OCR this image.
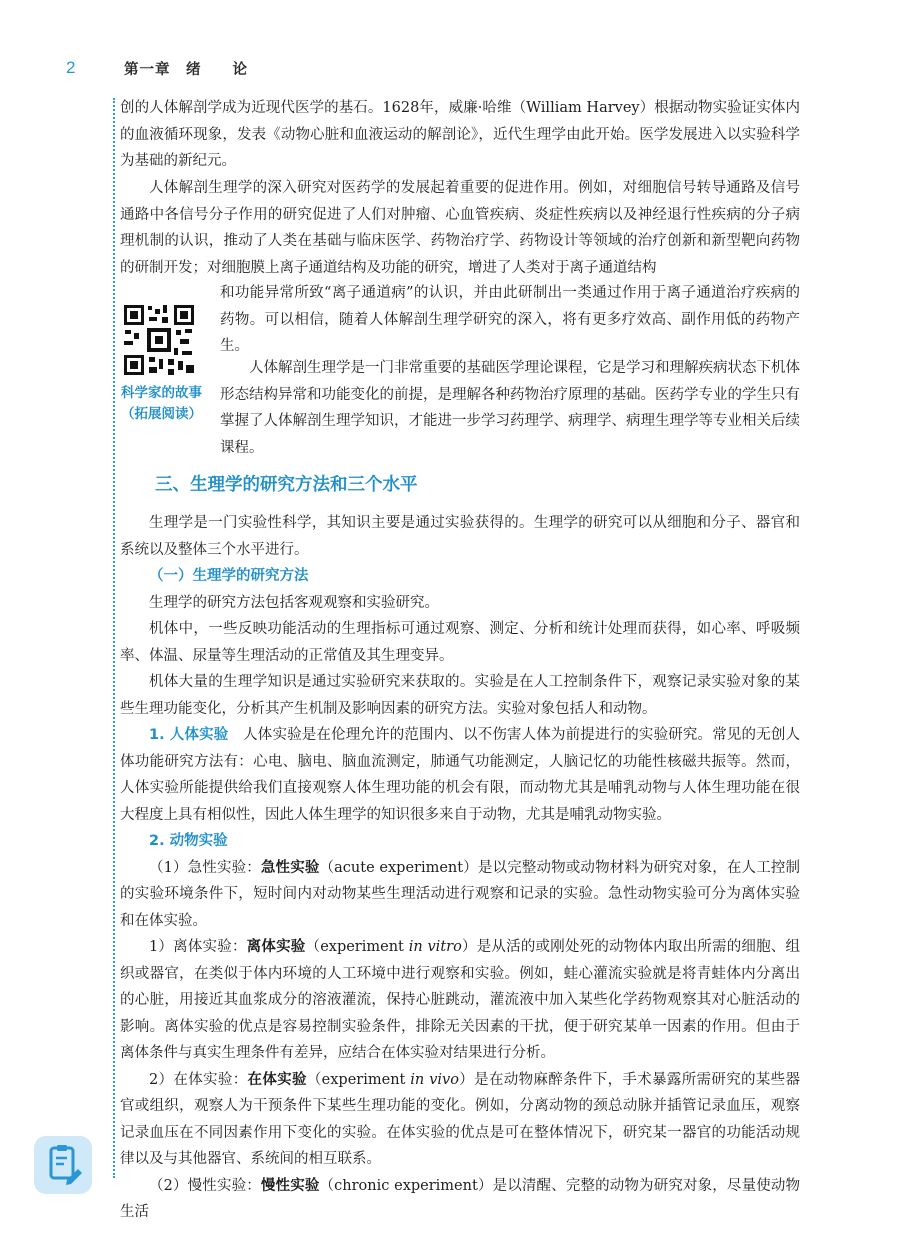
2	第一章　绪　　论

创的人体解剖学成为近现代医学的基石。1628年，威廉·哈维（William Harvey）根据动物实验证实体内的血液循环现象，发表《动物心脏和血液运动的解剖论》，近代生理学由此开始。医学发展进入以实验科学为基础的新纪元。

人体解剖生理学的深入研究对医药学的发展起着重要的促进作用。例如，对细胞信号转导通路及信号通路中各信号分子作用的研究促进了人们对肿瘤、心血管疾病、炎症性疾病以及神经退行性疾病的分子病理机制的认识，推动了人类在基础与临床医学、药物治疗学、药物设计等领域的治疗创新和新型靶向药物的研制开发；对细胞膜上离子通道结构及功能的研究，增进了人类对于离子通道结构

和功能异常所致“离子通道病”的认识，并由此研制出一类通过作用于离子通道治疗疾病的药物。可以相信，随着人体解剖生理学研究的深入，将有更多疗效高、副作用低的药物产生。

人体解剖生理学是一门非常重要的基础医学理论课程，它是学习和理解疾病状态下机体形态结构异常和功能变化的前提，是理解各种药物治疗原理的基础。医药学专业的学生只有掌握了人体解剖生理学知识，才能进一步学习药理学、病理学、病理生理学等专业相关后续课程。

科学家的故事（拓展阅读）
三、生理学的研究方法和三个水平

生理学是一门实验性科学，其知识主要是通过实验获得的。生理学的研究可以从细胞和分子、器官和系统以及整体三个水平进行。

（一）生理学的研究方法

生理学的研究方法包括客观观察和实验研究。

机体中，一些反映功能活动的生理指标可通过观察、测定、分析和统计处理而获得，如心率、呼吸频率、体温、尿量等生理活动的正常值及其生理变异。

机体大量的生理学知识是通过实验研究来获取的。实验是在人工控制条件下，观察记录实验对象的某些生理功能变化，分析其产生机制及影响因素的研究方法。实验对象包括人和动物。

1. 人体实验　 人体实验是在伦理允许的范围内、以不伤害人体为前提进行的实验研究。常见的无创人体功能研究方法有：心电、脑电、脑血流测定，肺通气功能测定，人脑记忆的功能性核磁共振等。然而，人体实验所能提供给我们直接观察人体生理功能的机会有限，而动物尤其是哺乳动物与人体生理功能在很大程度上具有相似性，因此人体生理学的知识很多来自于动物，尤其是哺乳动物实验。

2. 动物实验

（1）急性实验：急性实验（acute experiment）是以完整动物或动物材料为研究对象，在人工控制的实验环境条件下，短时间内对动物某些生理活动进行观察和记录的实验。急性动物实验可分为离体实验和在体实验。

1）离体实验：离体实验（experiment in vitro）是从活的或刚处死的动物体内取出所需的细胞、组织或器官，在类似于体内环境的人工环境中进行观察和实验。例如，蛙心灌流实验就是将青蛙体内分离出的心脏，用接近其血浆成分的溶液灌流，保持心脏跳动，灌流液中加入某些化学药物观察其对心脏活动的影响。离体实验的优点是容易控制实验条件，排除无关因素的干扰，便于研究某单一因素的作用。但由于离体条件与真实生理条件有差异，应结合在体实验对结果进行分析。

2）在体实验：在体实验（experiment in vivo）是在动物麻醉条件下，手术暴露所需研究的某些器官或组织，观察人为干预条件下某些生理功能的变化。例如，分离动物的颈总动脉并插管记录血压，观察记录血压在不同因素作用下变化的实验。在体实验的优点是可在整体情况下，研究某一器官的功能活动规律以及与其他器官、系统间的相互联系。

（2）慢性实验：慢性实验（chronic experiment）是以清醒、完整的动物为研究对象，尽量使动物生活
